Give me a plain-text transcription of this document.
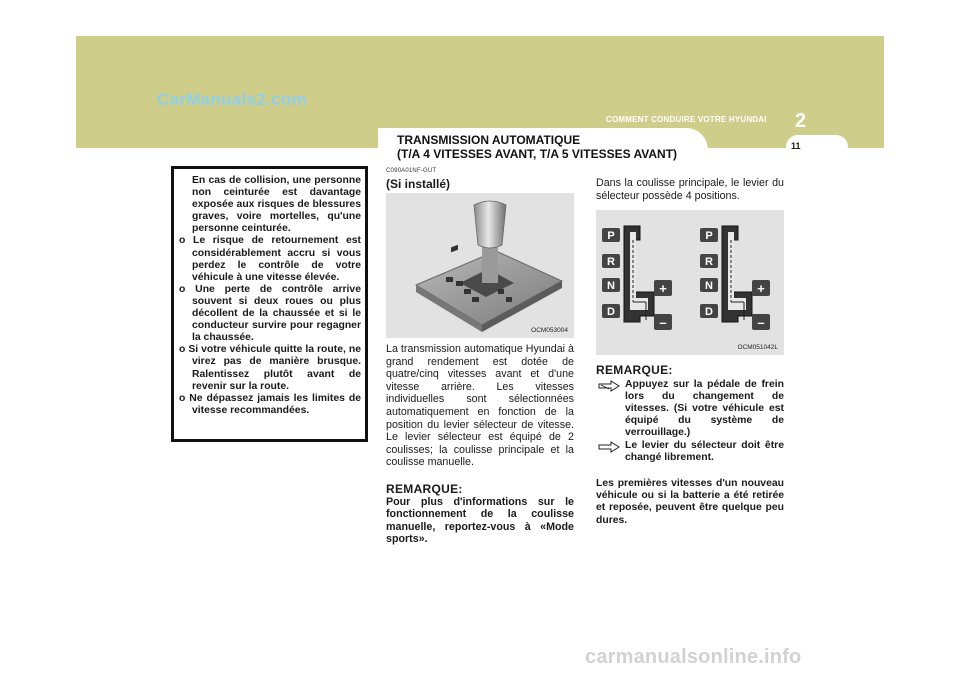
CarManuals2.com
COMMENT CONDUIRE VOTRE HYUNDAI 2
TRANSMISSION AUTOMATIQUE
(T/A 4 VITESSES AVANT, T/A 5 VITESSES AVANT)
11

En cas de collision, une personne non ceinturée est davantage exposée aux risques de blessures graves, voire mortelles, qu'une personne ceinturée.

o Le risque de retournement est considérablement accru si vous perdez le contrôle de votre véhicule à une vitesse élevée.

o Une perte de contrôle arrive souvent si deux roues ou plus décollent de la chaussée et si le conducteur survire pour regagner la chaussée.

o Si votre véhicule quitte la route, ne virez pas de manière brusque. Ralentissez plutôt avant de revenir sur la route.

o Ne dépassez jamais les limites de vitesse recommandées.

C090A01NF-GUT
(Si installé)
OCM053004

La transmission automatique Hyundai à grand rendement est dotée de quatre/cinq vitesses avant et d'une vitesse arrière. Les vitesses individuelles sont sélectionnées automatiquement en fonction de la position du levier sélecteur de vitesse. Le levier sélecteur est équipé de 2 coulisses; la coulisse principale et la coulisse manuelle.

REMARQUE:

Pour plus d'informations sur le fonctionnement de la coulisse manuelle, reportez-vous à «Mode sports».

Dans la coulisse principale, le levier du sélecteur possède 4 positions.

P
R
N
D
+
–
P
R
N
D
+
–
OCM051042L
REMARQUE:
Appuyez sur la pédale de frein lors du changement de vitesses. (Si votre véhicule est équipé du système de verrouillage.)
Le levier du sélecteur doit être changé librement.

Les premières vitesses d'un nouveau véhicule ou si la batterie a été retirée et reposée, peuvent être quelque peu dures.

carmanualsonline.info
